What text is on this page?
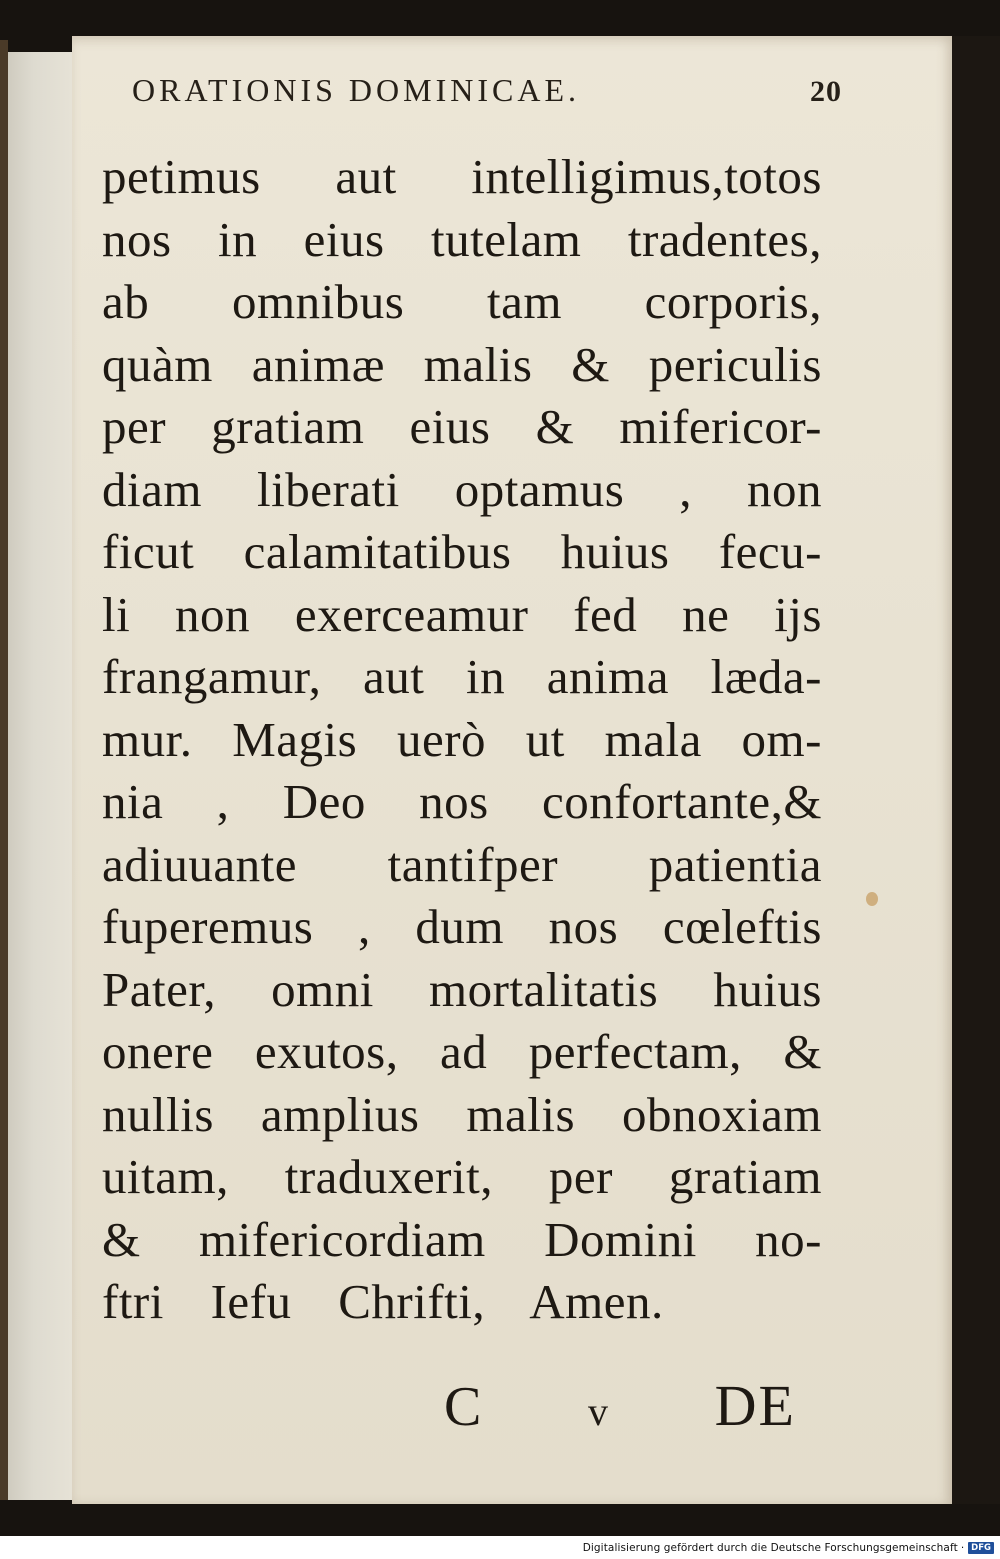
ORATIONIS DOMINICAE.	20
petimus aut intelligimus,totos
nos in eius tutelam tradentes,
ab omnibus tam corporis,
quàm animæ malis & periculis
per gratiam eius & mifericor-
diam liberati optamus , non
ficut calamitatibus huius fecu-
li non exerceamur fed ne ijs
frangamur, aut in anima læda-
mur. Magis uerò ut mala om-
nia , Deo nos confortante,&
adiuuante tantifper patientia
fuperemus , dum nos cœleftis
Pater, omni mortalitatis huius
onere exutos, ad perfectam, &
nullis amplius malis obnoxiam
uitam, traduxerit, per gratiam
& mifericordiam Domini no-
ftri Iefu Chrifti, Amen.
C	v DE
Digitalisierung gefördert durch die Deutsche Forschungsgemeinschaft · DFG
